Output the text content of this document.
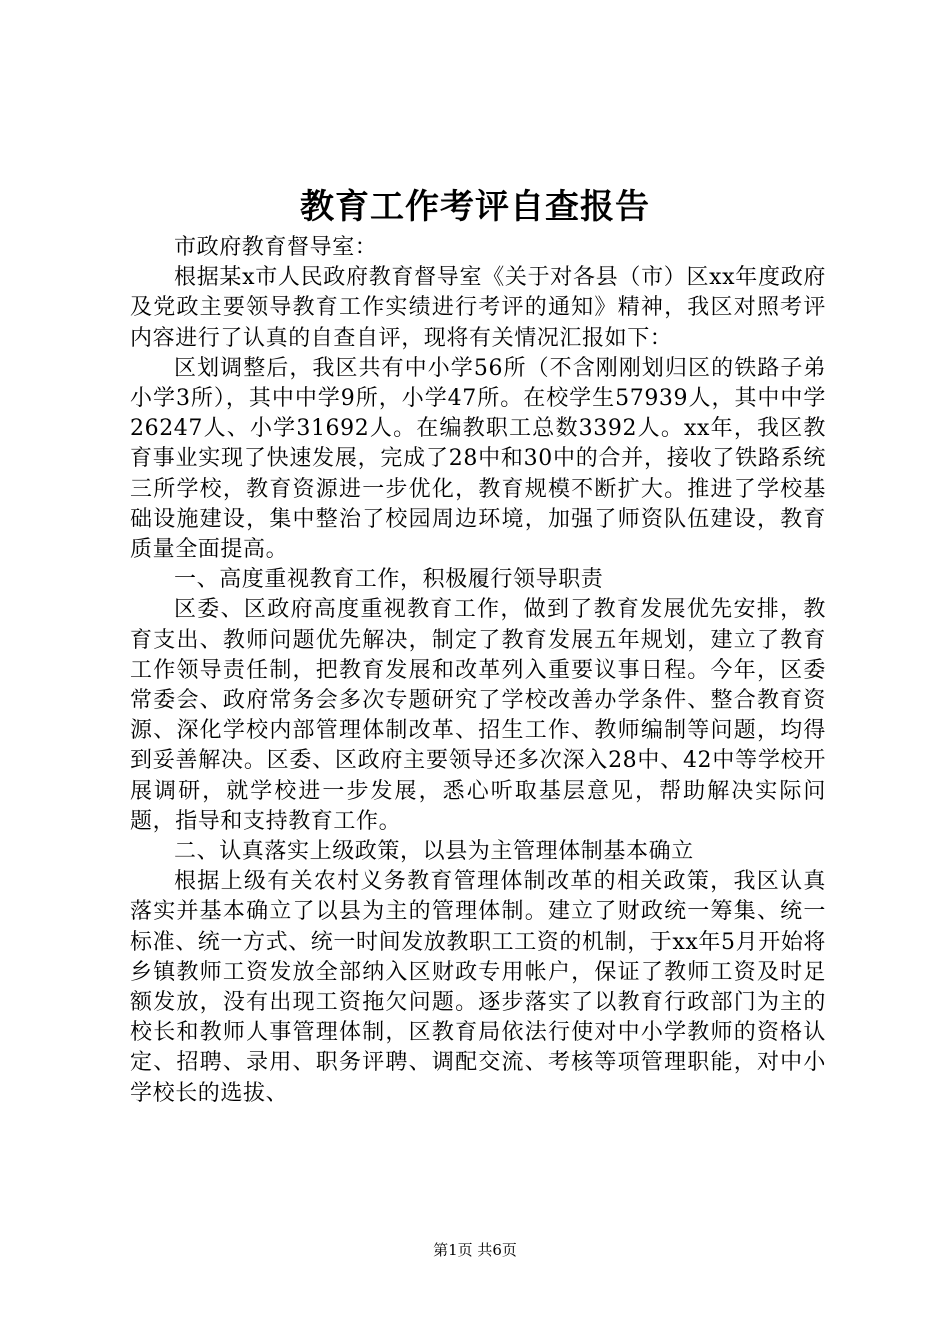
教育工作考评自查报告

市政府教育督导室：

根据某x市人民政府教育督导室《关于对各县（市）区xx年度政府及党政主要领导教育工作实绩进行考评的通知》精神，我区对照考评内容进行了认真的自查自评，现将有关情况汇报如下：

区划调整后，我区共有中小学56所（不含刚刚划归区的铁路子弟小学3所），其中中学9所，小学47所。在校学生57939人，其中中学26247人、小学31692人。在编教职工总数3392人。xx年，我区教育事业实现了快速发展，完成了28中和30中的合并，接收了铁路系统三所学校，教育资源进一步优化，教育规模不断扩大。推进了学校基础设施建设，集中整治了校园周边环境，加强了师资队伍建设，教育质量全面提高。

一、高度重视教育工作，积极履行领导职责

区委、区政府高度重视教育工作，做到了教育发展优先安排，教育支出、教师问题优先解决，制定了教育发展五年规划，建立了教育工作领导责任制，把教育发展和改革列入重要议事日程。今年，区委常委会、政府常务会多次专题研究了学校改善办学条件、整合教育资源、深化学校内部管理体制改革、招生工作、教师编制等问题，均得到妥善解决。区委、区政府主要领导还多次深入28中、42中等学校开展调研，就学校进一步发展，悉心听取基层意见，帮助解决实际问题，指导和支持教育工作。

二、认真落实上级政策，以县为主管理体制基本确立

根据上级有关农村义务教育管理体制改革的相关政策，我区认真落实并基本确立了以县为主的管理体制。建立了财政统一筹集、统一标准、统一方式、统一时间发放教职工工资的机制，于xx年5月开始将乡镇教师工资发放全部纳入区财政专用帐户，保证了教师工资及时足额发放，没有出现工资拖欠问题。逐步落实了以教育行政部门为主的校长和教师人事管理体制，区教育局依法行使对中小学教师的资格认定、招聘、录用、职务评聘、调配交流、考核等项管理职能，对中小学校长的选拔、

第1页 共6页
